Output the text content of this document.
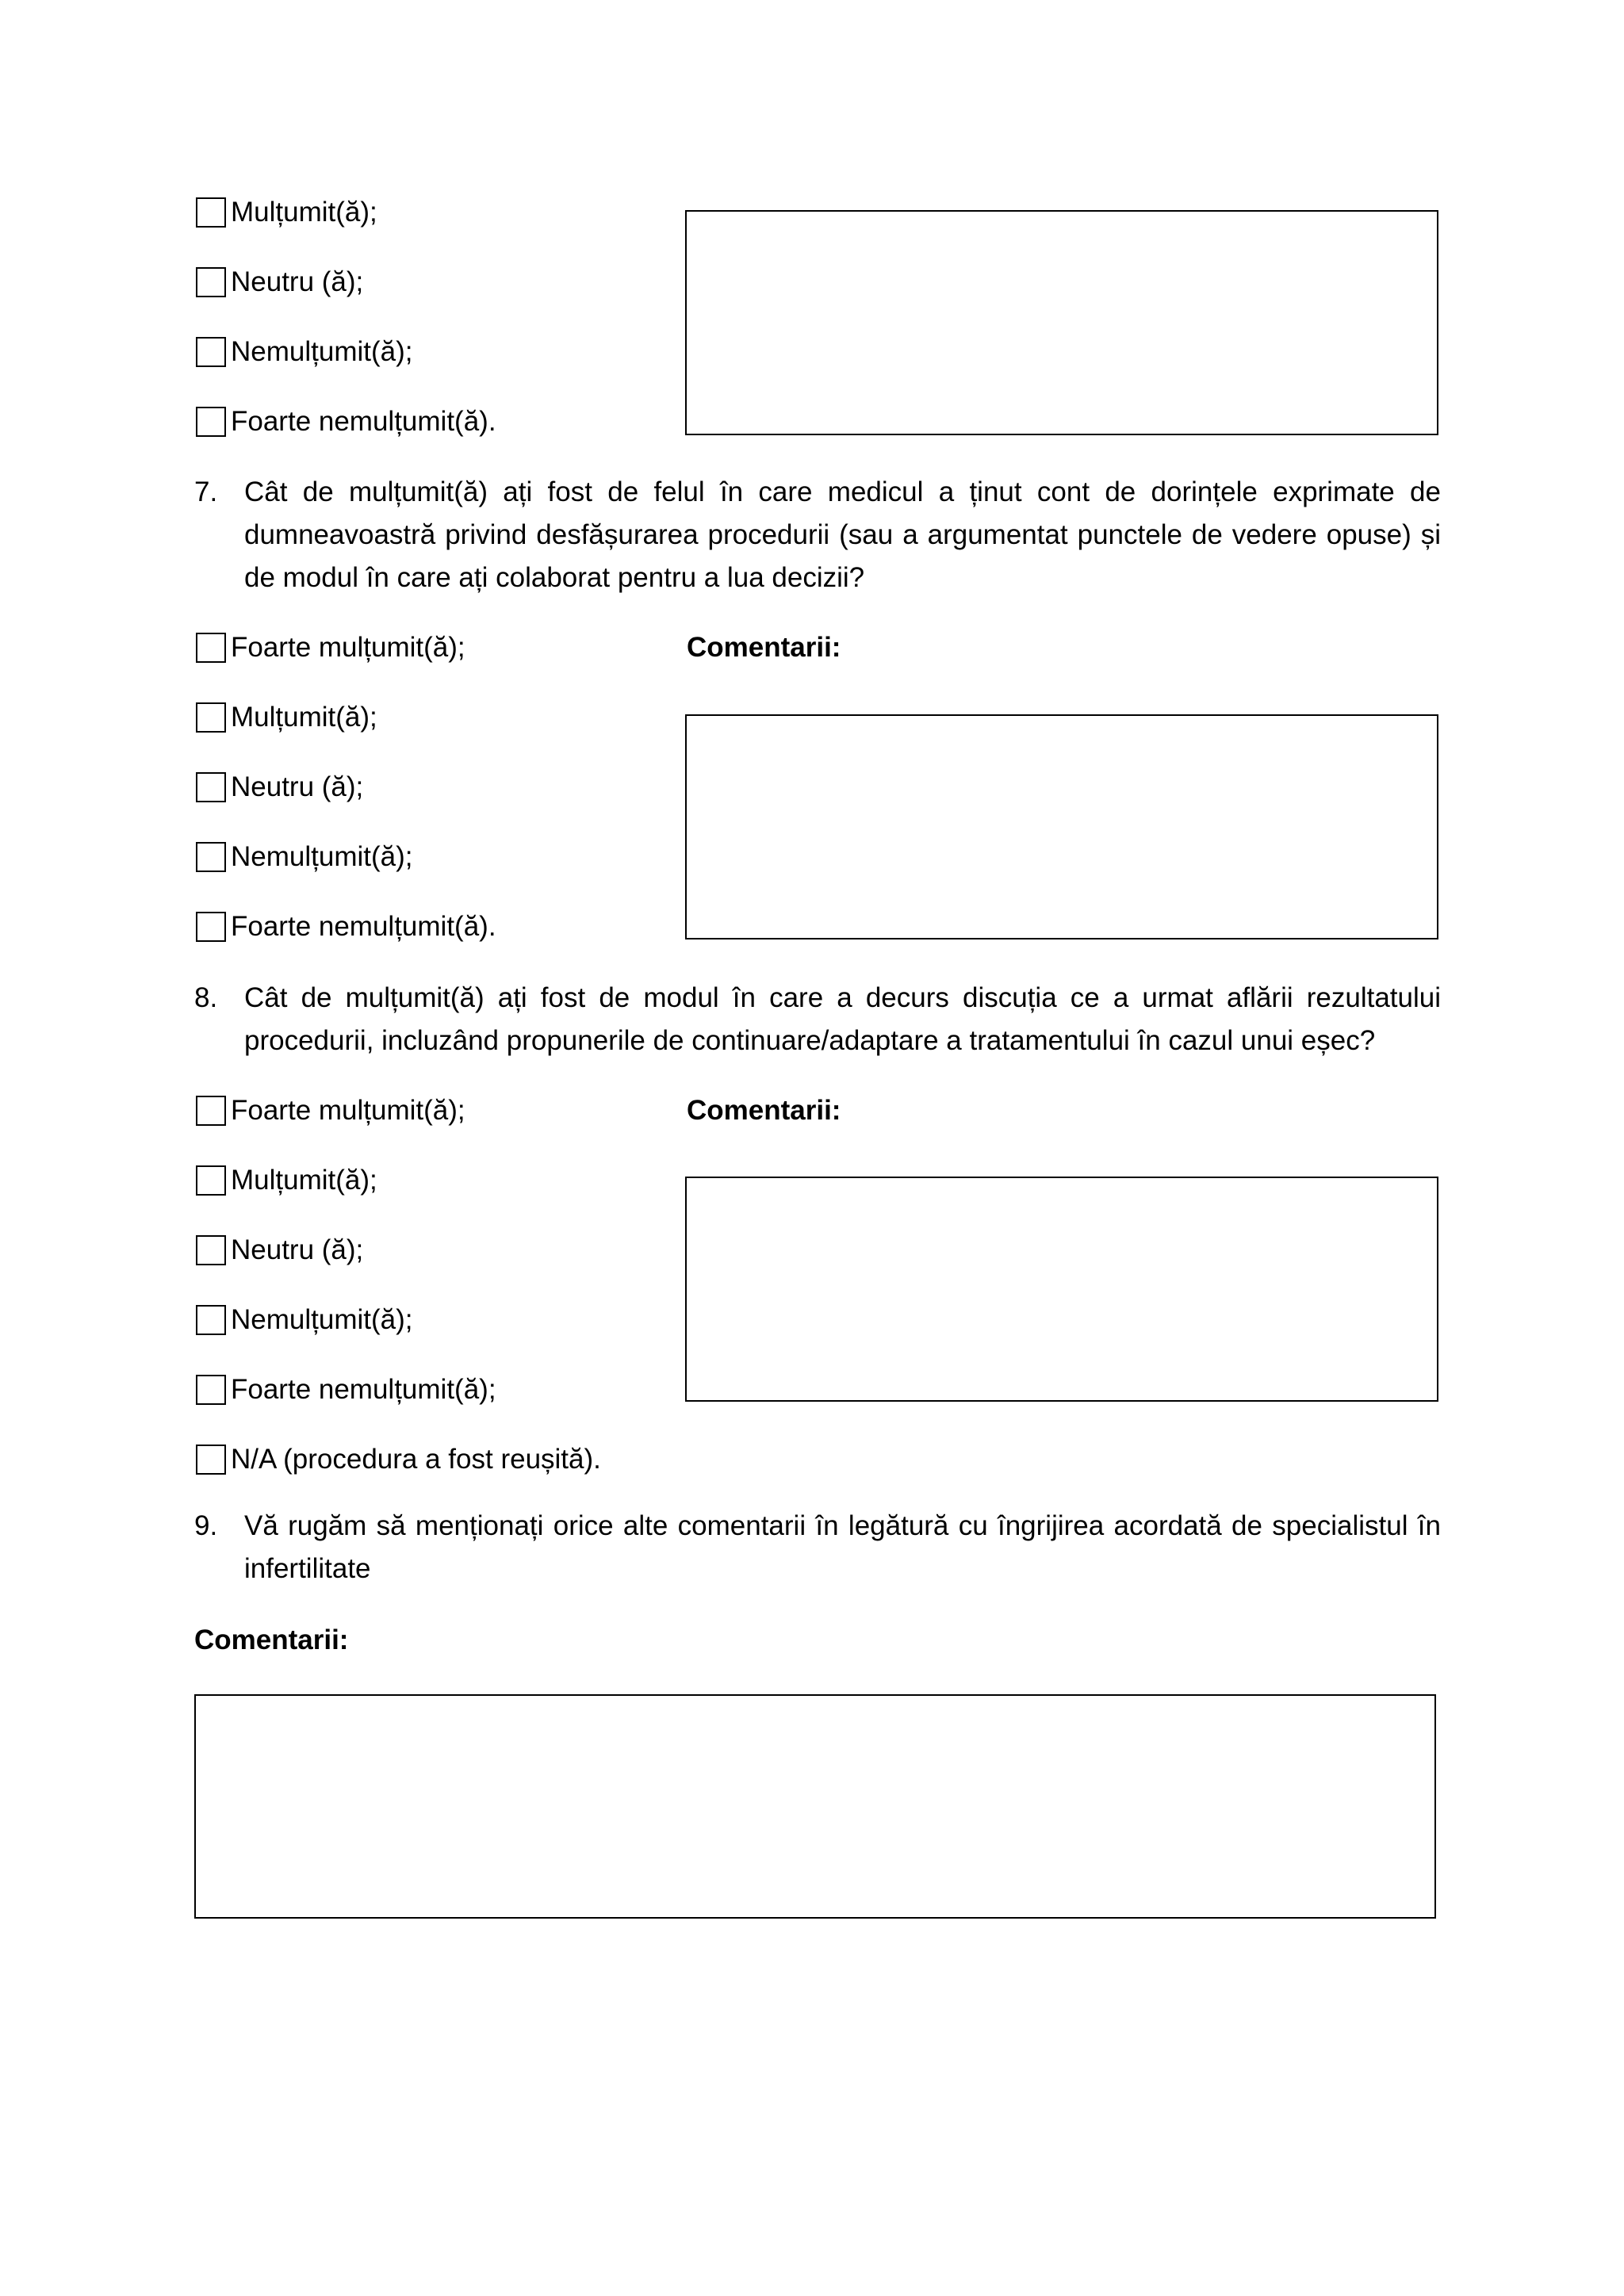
Mulțumit(ă);
Neutru (ă);
Nemulțumit(ă);
Foarte nemulțumit(ă).
7. Cât de mulțumit(ă) ați fost de felul în care medicul a ținut cont de dorințele exprimate de dumneavoastră privind desfășurarea procedurii (sau a argumentat punctele de vedere opuse) și de modul în care ați colaborat pentru a lua decizii?
Foarte mulțumit(ă);	Comentarii:
Mulțumit(ă);
Neutru (ă);
Nemulțumit(ă);
Foarte nemulțumit(ă).
8. Cât de mulțumit(ă) ați fost de modul în care a decurs discuția ce a urmat aflării rezultatului procedurii, incluzând propunerile de continuare/adaptare a tratamentului în cazul unui eșec?
Foarte mulțumit(ă);	Comentarii:
Mulțumit(ă);
Neutru (ă);
Nemulțumit(ă);
Foarte nemulțumit(ă);
N/A (procedura a fost reușită).
9. Vă rugăm să menționați orice alte comentarii în legătură cu îngrijirea acordată de specialistul în infertilitate
Comentarii:
